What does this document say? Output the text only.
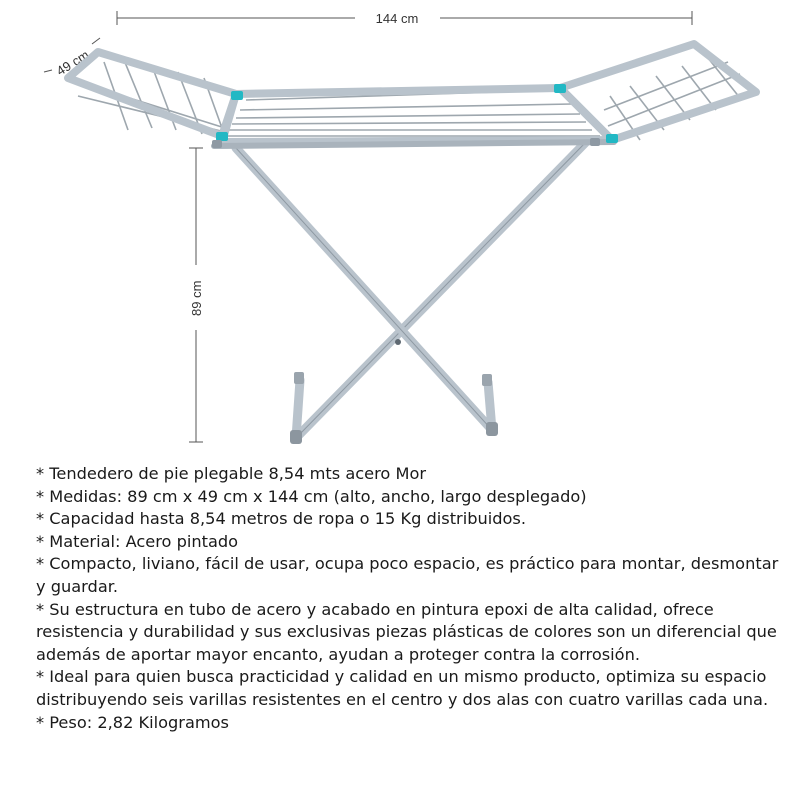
144 cm
49 cm
89 cm

* Tendedero de pie plegable 8,54 mts acero Mor

* Medidas: 89 cm x 49 cm x 144 cm (alto, ancho, largo desplegado)

* Capacidad hasta 8,54 metros de ropa o 15 Kg distribuidos.

* Material: Acero pintado

* Compacto, liviano, fácil de usar, ocupa poco espacio, es práctico para montar, desmontar y guardar.

* Su estructura en tubo de acero y acabado en pintura epoxi de alta calidad, ofrece resistencia y durabilidad y sus exclusivas piezas plásticas de colores son un diferencial que además de aportar mayor encanto, ayudan a proteger contra la corrosión.

* Ideal para quien busca practicidad y calidad en un mismo producto, optimiza su espacio distribuyendo seis varillas resistentes en el centro y dos alas con cuatro varillas cada una.

* Peso: 2,82 Kilogramos
